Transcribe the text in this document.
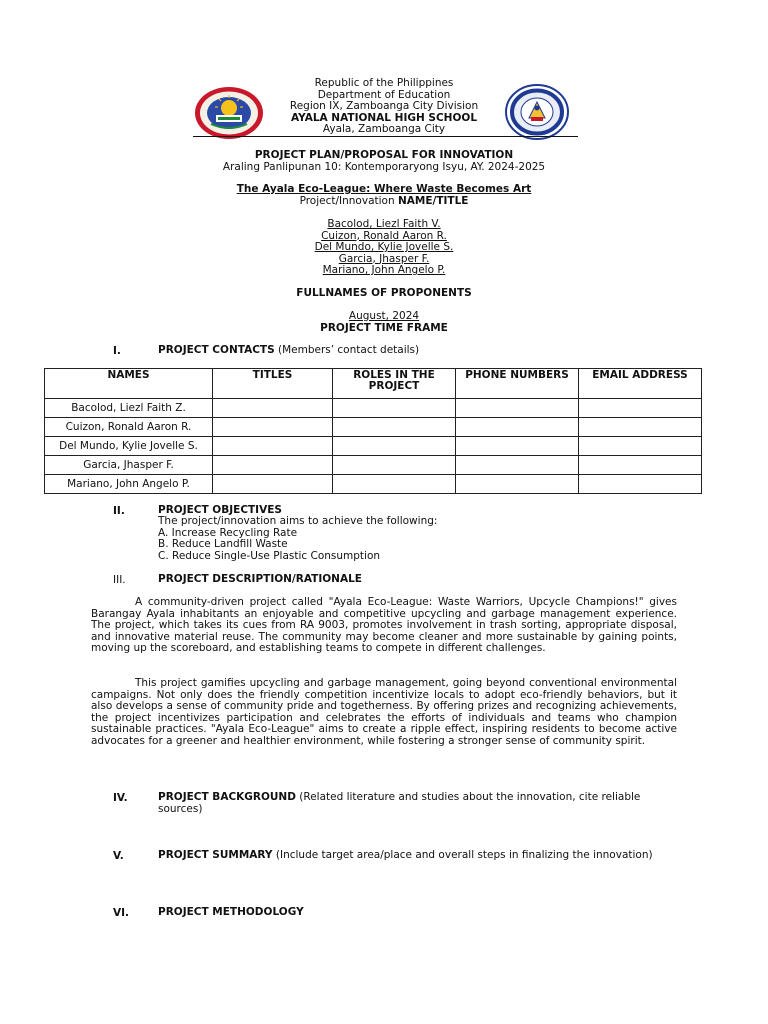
Republic of the Philippines
Department of Education
Region IX, Zamboanga City Division
AYALA NATIONAL HIGH SCHOOL
Ayala, Zamboanga City
PROJECT PLAN/PROPOSAL FOR INNOVATION
Araling Panlipunan 10: Kontemporaryong Isyu, AY. 2024-2025
The Ayala Eco-League: Where Waste Becomes Art
Project/Innovation NAME/TITLE
Bacolod, Liezl Faith V.
Cuizon, Ronald Aaron R.
Del Mundo, Kylie Jovelle S.
Garcia, Jhasper F.
Mariano, John Angelo P.
FULLNAMES OF PROPONENTS
August, 2024
PROJECT TIME FRAME
I.	PROJECT CONTACTS (Members’ contact details)
NAMES	TITLES	ROLES IN THE PROJECT	PHONE NUMBERS	EMAIL ADDRESS
Bacolod, Liezl Faith Z.				
Cuizon, Ronald Aaron R.				
Del Mundo, Kylie Jovelle S.				
Garcia, Jhasper F.				
Mariano, John Angelo P.				
II.	PROJECT OBJECTIVES
The project/innovation aims to achieve the following:
A. Increase Recycling Rate
B. Reduce Landfill Waste
C. Reduce Single-Use Plastic Consumption
III.	PROJECT DESCRIPTION/RATIONALE
A community-driven project called "Ayala Eco-League: Waste Warriors, Upcycle Champions!" gives Barangay Ayala inhabitants an enjoyable and competitive upcycling and garbage management experience. The project, which takes its cues from RA 9003, promotes involvement in trash sorting, appropriate disposal, and innovative material reuse. The community may become cleaner and more sustainable by gaining points, moving up the scoreboard, and establishing teams to compete in different challenges.
This project gamifies upcycling and garbage management, going beyond conventional environmental campaigns. Not only does the friendly competition incentivize locals to adopt eco-friendly behaviors, but it also develops a sense of community pride and togetherness. By offering prizes and recognizing achievements, the project incentivizes participation and celebrates the efforts of individuals and teams who champion sustainable practices. "Ayala Eco-League" aims to create a ripple effect, inspiring residents to become active advocates for a greener and healthier environment, while fostering a stronger sense of community spirit.
IV.	PROJECT BACKGROUND (Related literature and studies about the innovation, cite reliable sources)
V.	PROJECT SUMMARY (Include target area/place and overall steps in finalizing the innovation)
VI.	PROJECT METHODOLOGY
